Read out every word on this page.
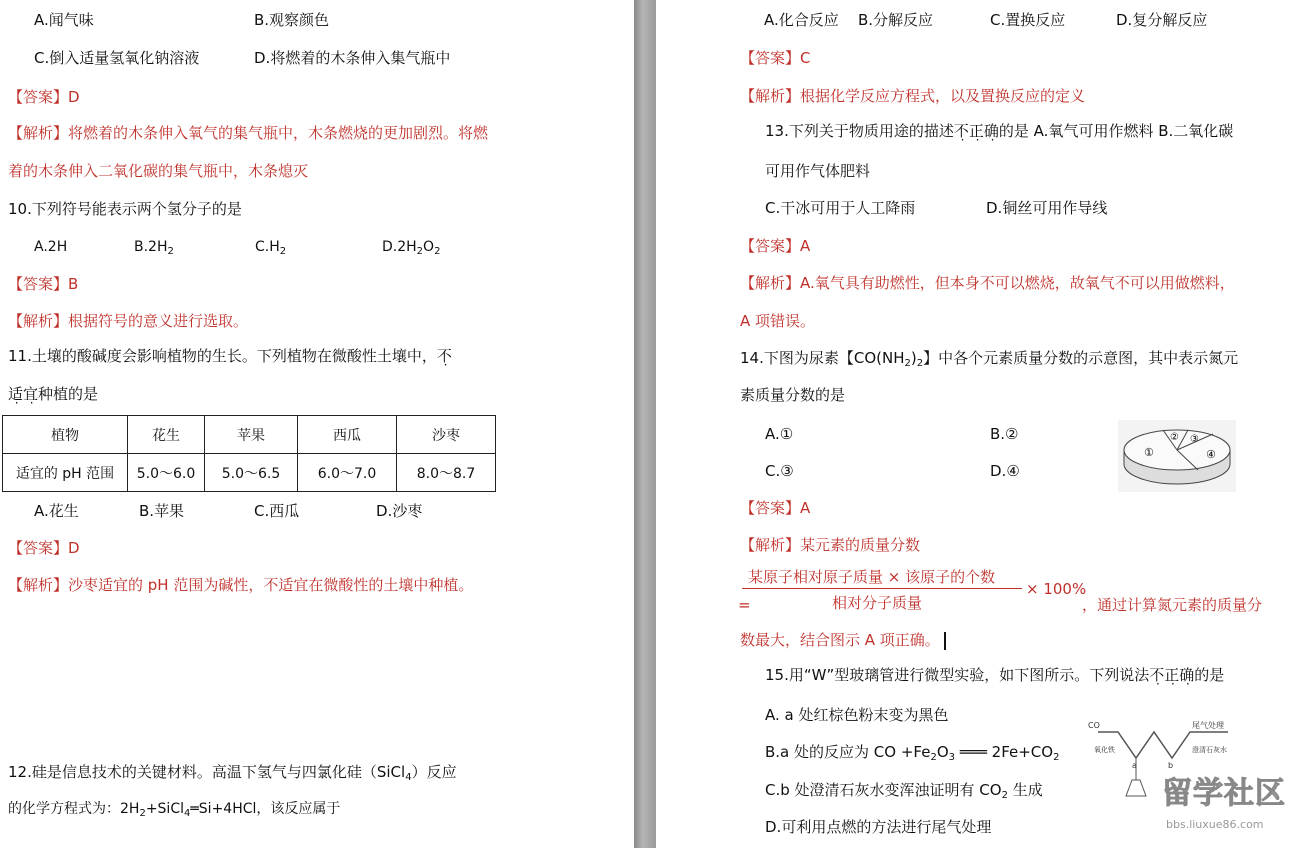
A.闻气味	B.观察颜色
C.倒入适量氢氧化钠溶液	D.将燃着的木条伸入集气瓶中
【答案】D
【解析】将燃着的木条伸入氧气的集气瓶中，木条燃烧的更加剧烈。将燃
着的木条伸入二氧化碳的集气瓶中，木条熄灭
10.下列符号能表示两个氢分子的是
A.2H	$B.2H_2$	$C.H_2$	$D.2H_2O_2$
【答案】B
【解析】根据符号的意义进行选取。
11.土壤的酸碱度会影响植物的生长。下列植物在微酸性土壤中，不
适宜种植的是
植物	花生	苹果	西瓜	沙枣
适宜的 pH 范围	5.0～6.0	5.0～6.5	6.0～7.0	8.0～8.7
A.花生	B.苹果	C.西瓜	D.沙枣
【答案】D
【解析】沙枣适宜的 pH 范围为碱性，不适宜在微酸性的土壤中种植。
12.硅是信息技术的关键材料。高温下氢气与四氯化硅（SiCl$_4$）反应
的化学方程式为：$2H_2+SiCl_4═Si+4HCl$，该反应属于
A.化合反应 B.分解反应	C.置换反应	D.复分解反应
【答案】C
【解析】根据化学反应方程式，以及置换反应的定义
13.下列关于物质用途的描述不正确的是 A.氧气可用作燃料 B.二氧化碳
可用作气体肥料
C.干冰可用于人工降雨	D.铜丝可用作导线
【答案】A
【解析】A.氧气具有助燃性，但本身不可以燃烧，故氧气不可以用做燃料，
A 项错误。
14.下图为尿素【$CO(NH_2)_2$】中各个元素质量分数的示意图，其中表示氮元
素质量分数的是
A.①	B.②
C.③	D.④
①
② ③
④
【答案】A
【解析】某元素的质量分数
某原子相对原子质量 × 该原子的个数
相对分子质量
=
× 100%
，通过计算氮元素的质量分
数最大，结合图示 A 项正确。
15.用“W”型玻璃管进行微型实验，如下图所示。下列说法不正确的是
A. a 处红棕色粉末变为黑色
B.a 处的反应为 CO $+Fe_2O_3$ ═══ $2Fe+CO_2$
C.b 处澄清石灰水变浑浊证明有 $CO_2$ 生成
D.可利用点燃的方法进行尾气处理
CO	尾气处理
氧化铁	澄清石灰水
a	b
留学社区
bbs.liuxue86.com
